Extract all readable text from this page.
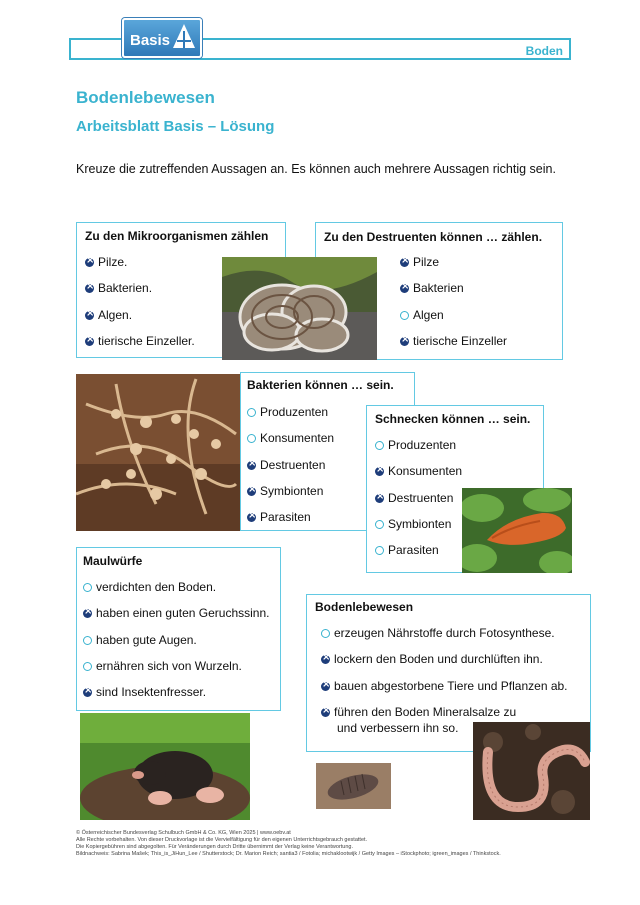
Basis
Boden
Bodenlebewesen
Arbeitsblatt Basis – Lösung
Kreuze die zutreffenden Aussagen an. Es können auch mehrere Aussagen richtig sein.
Zu den Mikroorganismen zählen
×
Pilze.
×
Bakterien.
×
Algen.
×
tierische Einzeller.
Zu den Destruenten können … zählen.
×
Pilze
×
Bakterien
Algen
×
tierische Einzeller
Bakterien können … sein.
Produzenten
Konsumenten
×
Destruenten
×
Symbionten
×
Parasiten
Schnecken können … sein.
Produzenten
×
Konsumenten
×
Destruenten
Symbionten
Parasiten
Maulwürfe
verdichten den Boden.
×
haben einen guten Geruchssinn.
haben gute Augen.
ernähren sich von Wurzeln.
×
sind Insektenfresser.
Bodenlebewesen
erzeugen Nährstoffe durch Fotosynthese.
×
lockern den Boden und durchlüften ihn.
×
bauen abgestorbene Tiere und Pflanzen ab.
×
führen den Boden Mineralsalze zu
und verbessern ihn so.
© Österreichischer Bundesverlag Schulbuch GmbH & Co. KG, Wien 2025 | www.oebv.at
Alle Rechte vorbehalten. Von dieser Druckvorlage ist die Vervielfältigung für den eigenen Unterrichtsgebrauch gestattet.
Die Kopiergebühren sind abgegolten. Für Veränderungen durch Dritte übernimmt der Verlag keine Verantwortung.
Bildnachweis: Sabrina Mašek; This_is_JiHun_Lee / Shutterstock; Dr. Marion Reich; santia3 / Fotolia; michaklootwijk / Getty Images – iStockphoto; igreen_images / Thinkstock.
